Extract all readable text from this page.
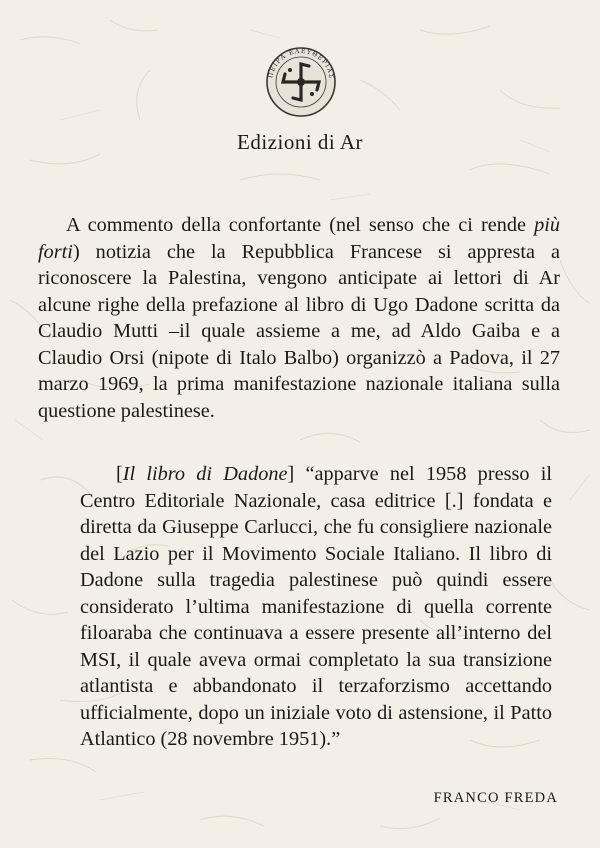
ΠΕΙΡΑ ΕΛΕΥΘΕΡΙΑΣ
Edizioni di Ar

A commento della confortante (nel senso che ci rende più forti) notizia che la Repubblica Francese si appresta a riconoscere la Palestina, vengono anticipate ai lettori di Ar alcune righe della prefazione al libro di Ugo Dadone scritta da Claudio Mutti –il quale assieme a me, ad Aldo Gaiba e a Claudio Orsi (nipote di Italo Balbo) organizzò a Padova, il 27 marzo 1969, la prima manifestazione nazionale italiana sulla questione palestinese.

[Il libro di Dadone] “apparve nel 1958 presso il Centro Editoriale Nazionale, casa editrice [.] fondata e diretta da Giuseppe Carlucci, che fu consigliere nazionale del Lazio per il Movimento Sociale Italiano. Il libro di Dadone sulla tragedia palestinese può quindi essere considerato l’ultima manifestazione di quella corrente filoaraba che continuava a essere presente all’interno del MSI, il quale aveva ormai completato la sua transizione atlantista e abbandonato il terzaforzismo accettando ufficialmente, dopo un iniziale voto di astensione, il Patto Atlantico (28 novembre 1951).”

FRANCO FREDA
